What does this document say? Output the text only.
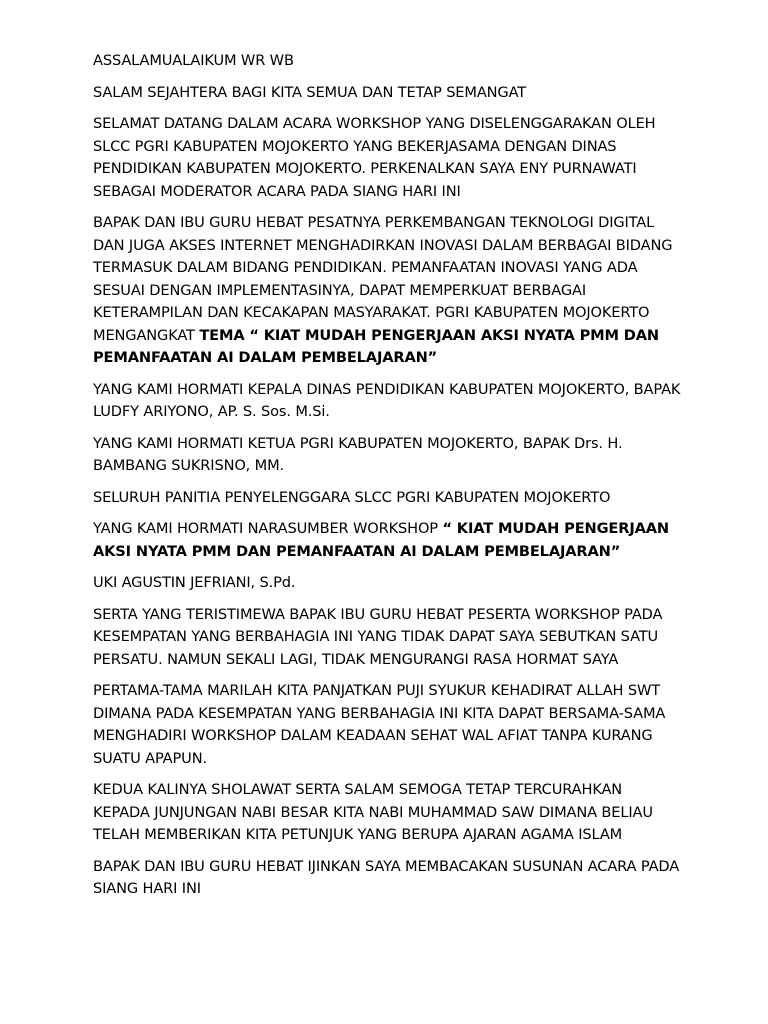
ASSALAMUALAIKUM WR WB

SALAM SEJAHTERA BAGI KITA SEMUA DAN TETAP SEMANGAT

SELAMAT DATANG DALAM ACARA WORKSHOP YANG DISELENGGARAKAN OLEH SLCC PGRI KABUPATEN MOJOKERTO YANG BEKERJASAMA DENGAN DINAS PENDIDIKAN KABUPATEN MOJOKERTO. PERKENALKAN SAYA ENY PURNAWATI SEBAGAI MODERATOR ACARA PADA SIANG HARI INI

BAPAK DAN IBU GURU HEBAT PESATNYA PERKEMBANGAN TEKNOLOGI DIGITAL DAN JUGA AKSES INTERNET MENGHADIRKAN INOVASI DALAM BERBAGAI BIDANG TERMASUK DALAM BIDANG PENDIDIKAN. PEMANFAATAN INOVASI YANG ADA SESUAI DENGAN IMPLEMENTASINYA, DAPAT MEMPERKUAT BERBAGAI KETERAMPILAN DAN KECAKAPAN MASYARAKAT. PGRI KABUPATEN MOJOKERTO MENGANGKAT TEMA “ KIAT MUDAH PENGERJAAN AKSI NYATA PMM DAN PEMANFAATAN AI DALAM PEMBELAJARAN”

YANG KAMI HORMATI KEPALA DINAS PENDIDIKAN KABUPATEN MOJOKERTO, BAPAK LUDFY ARIYONO, AP. S. Sos. M.Si.

YANG KAMI HORMATI KETUA PGRI KABUPATEN MOJOKERTO, BAPAK Drs. H. BAMBANG SUKRISNO, MM.

SELURUH PANITIA PENYELENGGARA SLCC PGRI KABUPATEN MOJOKERTO

YANG KAMI HORMATI NARASUMBER WORKSHOP “ KIAT MUDAH PENGERJAAN AKSI NYATA PMM DAN PEMANFAATAN AI DALAM PEMBELAJARAN”

UKI AGUSTIN JEFRIANI, S.Pd.

SERTA YANG TERISTIMEWA BAPAK IBU GURU HEBAT PESERTA WORKSHOP PADA KESEMPATAN YANG BERBAHAGIA INI YANG TIDAK DAPAT SAYA SEBUTKAN SATU PERSATU. NAMUN SEKALI LAGI, TIDAK MENGURANGI RASA HORMAT SAYA

PERTAMA-TAMA MARILAH KITA PANJATKAN PUJI SYUKUR KEHADIRAT ALLAH SWT DIMANA PADA KESEMPATAN YANG BERBAHAGIA INI KITA DAPAT BERSAMA-SAMA MENGHADIRI WORKSHOP DALAM KEADAAN SEHAT WAL AFIAT TANPA KURANG SUATU APAPUN.

KEDUA KALINYA SHOLAWAT SERTA SALAM SEMOGA TETAP TERCURAHKAN KEPADA JUNJUNGAN NABI BESAR KITA NABI MUHAMMAD SAW DIMANA BELIAU TELAH MEMBERIKAN KITA PETUNJUK YANG BERUPA AJARAN AGAMA ISLAM

BAPAK DAN IBU GURU HEBAT IJINKAN SAYA MEMBACAKAN SUSUNAN ACARA PADA SIANG HARI INI
